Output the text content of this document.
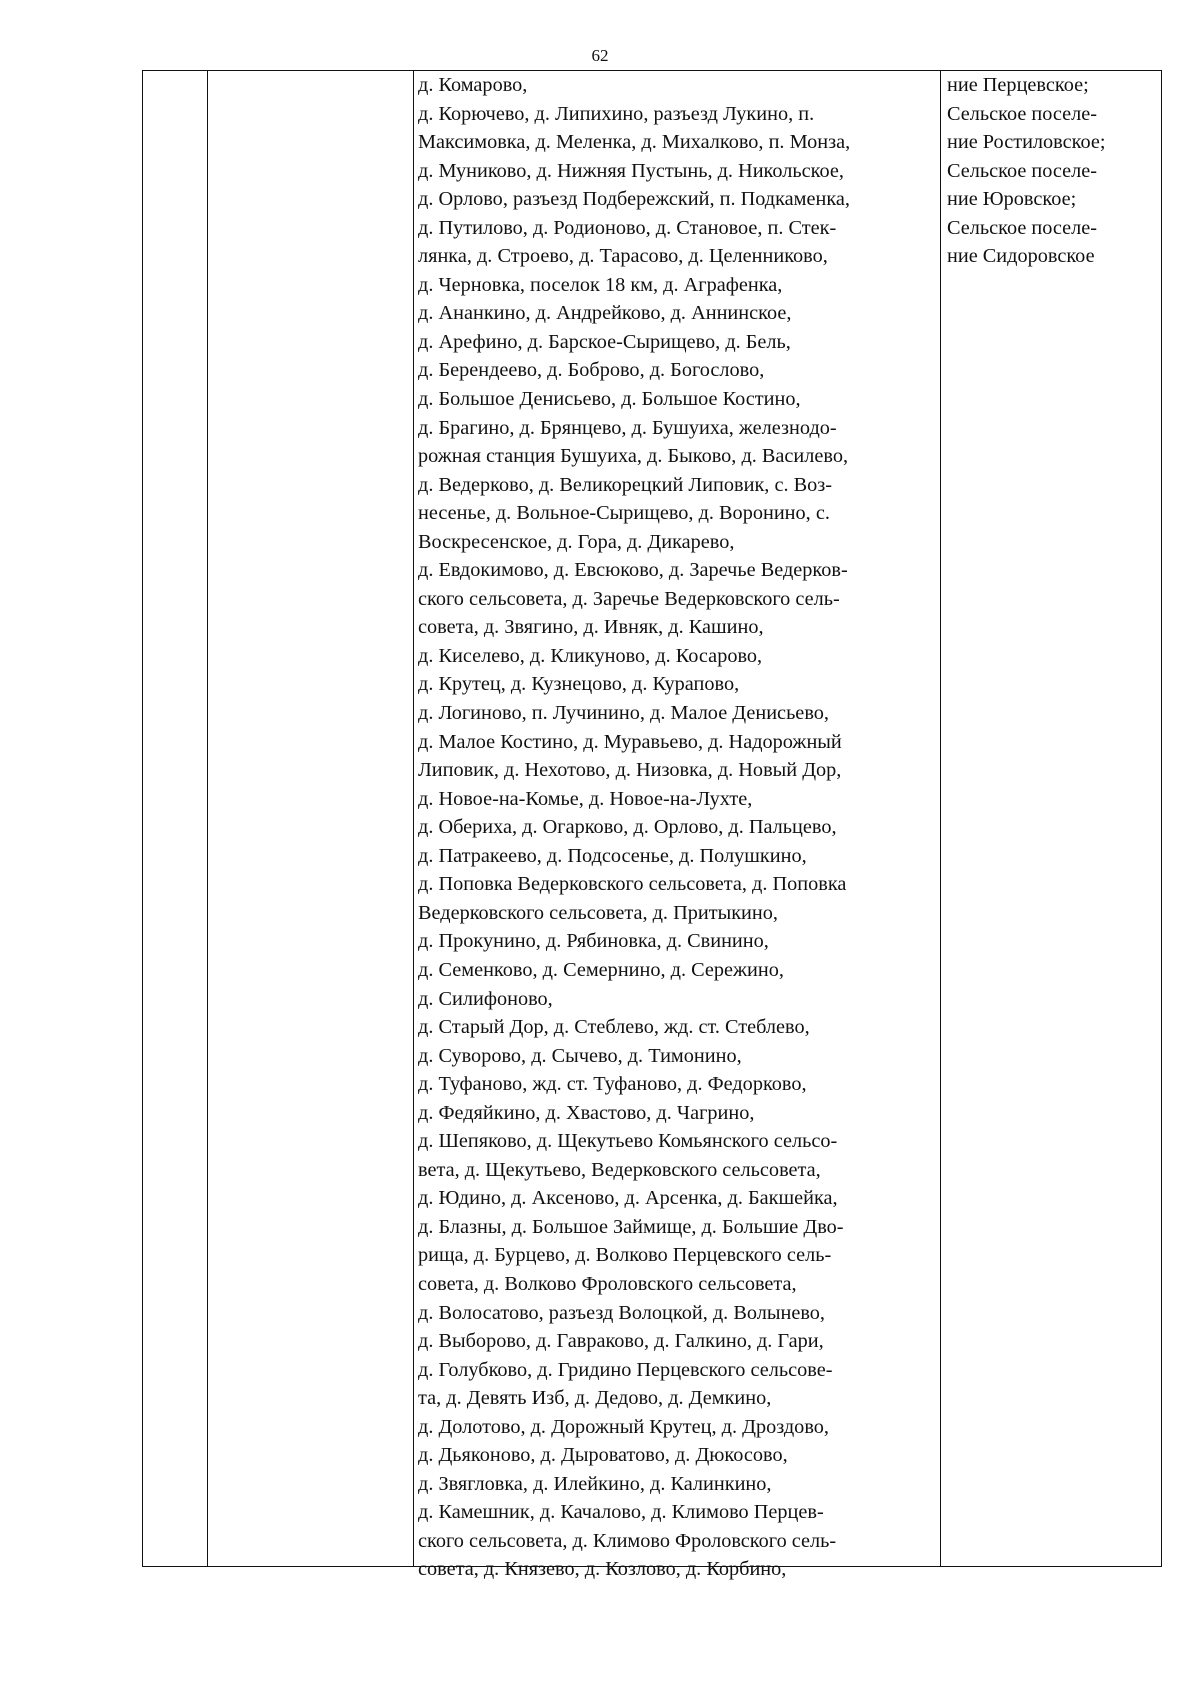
62
д. Комарово,
д. Корючево, д. Липихино, разъезд Лукино, п.
Максимовка, д. Меленка, д. Михалково, п. Монза,
д. Муниково, д. Нижняя Пустынь, д. Никольское,
д. Орлово, разъезд Подбережский, п. Подкаменка,
д. Путилово, д. Родионово, д. Становое, п. Стек-
лянка, д. Строево, д. Тарасово, д. Целенниково,
д. Черновка, поселок 18 км, д. Аграфенка,
д. Ананкино, д. Андрейково, д. Аннинское,
д. Арефино, д. Барское-Сырищево, д. Бель,
д. Берендеево, д. Боброво, д. Богослово,
д. Большое Денисьево, д. Большое Костино,
д. Брагино, д. Брянцево, д. Бушуиха, железнодо-
рожная станция Бушуиха, д. Быково, д. Василево,
д. Ведерково, д. Великорецкий Липовик, с. Воз-
несенье, д. Вольное-Сырищево, д. Воронино, с.
Воскресенское, д. Гора, д. Дикарево,
д. Евдокимово, д. Евсюково, д. Заречье Ведерков-
ского сельсовета, д. Заречье Ведерковского сель-
совета, д. Звягино, д. Ивняк, д. Кашино,
д. Киселево, д. Кликуново, д. Косарово,
д. Крутец, д. Кузнецово, д. Курапово,
д. Логиново, п. Лучинино, д. Малое Денисьево,
д. Малое Костино, д. Муравьево, д. Надорожный
Липовик, д. Нехотово, д. Низовка, д. Новый Дор,
д. Новое-на-Комье, д. Новое-на-Лухте,
д. Обериха, д. Огарково, д. Орлово, д. Пальцево,
д. Патракеево, д. Подсосенье, д. Полушкино,
д. Поповка Ведерковского сельсовета, д. Поповка
Ведерковского сельсовета, д. Притыкино,
д. Прокунино, д. Рябиновка, д. Свинино,
д. Семенково, д. Семернино, д. Сережино,
д. Силифоново,
д. Старый Дор, д. Стеблево, жд. ст. Стеблево,
д. Суворово, д. Сычево, д. Тимонино,
д. Туфаново, жд. ст. Туфаново, д. Федорково,
д. Федяйкино, д. Хвастово, д. Чагрино,
д. Шепяково, д. Щекутьево Комьянского сельсо-
вета, д. Щекутьево, Ведерковского сельсовета,
д. Юдино, д. Аксеново, д. Арсенка, д. Бакшейка,
д. Блазны, д. Большое Займище, д. Большие Дво-
рища, д. Бурцево, д. Волково Перцевского сель-
совета, д. Волково Фроловского сельсовета,
д. Волосатово, разъезд Волоцкой, д. Волынево,
д. Выборово, д. Гавраково, д. Галкино, д. Гари,
д. Голубково, д. Гридино Перцевского сельсове-
та, д. Девять Изб, д. Дедово, д. Демкино,
д. Долотово, д. Дорожный Крутец, д. Дроздово,
д. Дьяконово, д. Дыроватово, д. Дюкосово,
д. Звягловка, д. Илейкино, д. Калинкино,
д. Камешник, д. Качалово, д. Климово Перцев-
ского сельсовета, д. Климово Фроловского сель-
совета, д. Князево, д. Козлово, д. Корбино,
ние Перцевское;
Сельское поселе-
ние Ростиловское;
Сельское поселе-
ние Юровское;
Сельское поселе-
ние Сидоровское
